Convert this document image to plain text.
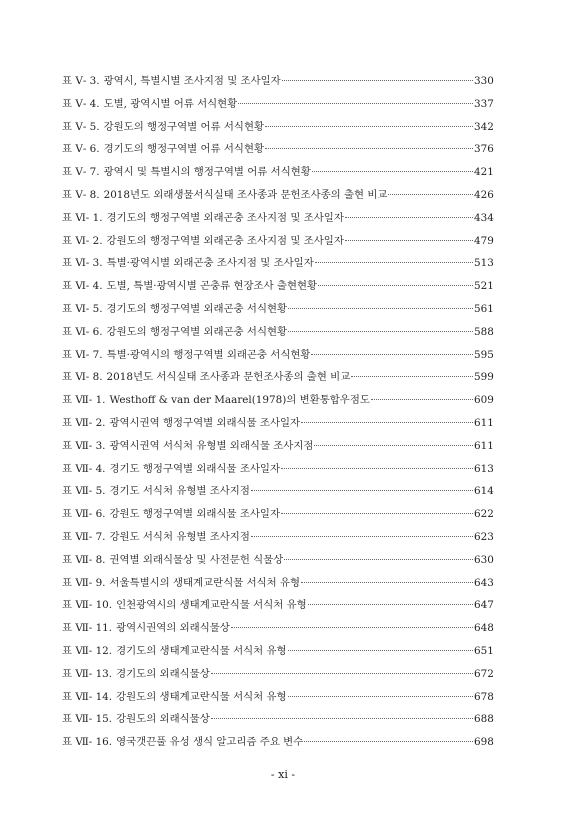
표 Ⅴ- 3. 광역시, 특별시별 조사지점 및 조사일자	330
표 Ⅴ- 4. 도별, 광역시별 어류 서식현황	337
표 Ⅴ- 5. 강원도의 행정구역별 어류 서식현황	342
표 Ⅴ- 6. 경기도의 행정구역별 어류 서식현황	376
표 Ⅴ- 7. 광역시 및 특별시의 행정구역별 어류 서식현황	421
표 Ⅴ- 8. 2018년도 외래생물서식실태 조사종과 문헌조사종의 출현 비교	426
표 Ⅵ- 1. 경기도의 행정구역별 외래곤충 조사지점 및 조사일자	434
표 Ⅵ- 2. 강원도의 행정구역별 외래곤충 조사지점 및 조사일자	479
표 Ⅵ- 3. 특별·광역시별 외래곤충 조사지점 및 조사일자	513
표 Ⅵ- 4. 도별, 특별·광역시별 곤충류 현장조사 출현현황	521
표 Ⅵ- 5. 경기도의 행정구역별 외래곤충 서식현황	561
표 Ⅵ- 6. 강원도의 행정구역별 외래곤충 서식현황	588
표 Ⅵ- 7. 특별·광역시의 행정구역별 외래곤충 서식현황	595
표 Ⅵ- 8. 2018년도 서식실태 조사종과 문헌조사종의 출현 비교	599
표 Ⅶ- 1. Westhoff & van der Maarel(1978)의 변환통합우점도	609
표 Ⅶ- 2. 광역시권역 행정구역별 외래식물 조사일자	611
표 Ⅶ- 3. 광역시권역 서식처 유형별 외래식물 조사지점	611
표 Ⅶ- 4. 경기도 행정구역별 외래식물 조사일자	613
표 Ⅶ- 5. 경기도 서식처 유형별 조사지점	614
표 Ⅶ- 6. 강원도 행정구역별 외래식물 조사일자	622
표 Ⅶ- 7. 강원도 서식처 유형별 조사지점	623
표 Ⅶ- 8. 권역별 외래식물상 및 사전문헌 식물상	630
표 Ⅶ- 9. 서울특별시의 생태계교란식물 서식처 유형	643
표 Ⅶ- 10. 인천광역시의 생태계교란식물 서식처 유형	647
표 Ⅶ- 11. 광역시권역의 외래식물상	648
표 Ⅶ- 12. 경기도의 생태계교란식물 서식처 유형	651
표 Ⅶ- 13. 경기도의 외래식물상	672
표 Ⅶ- 14. 강원도의 생태계교란식물 서식처 유형	678
표 Ⅶ- 15. 강원도의 외래식물상	688
표 Ⅶ- 16. 영국갯끈풀 유성 생식 알고리즘 주요 변수	698
- xi -
